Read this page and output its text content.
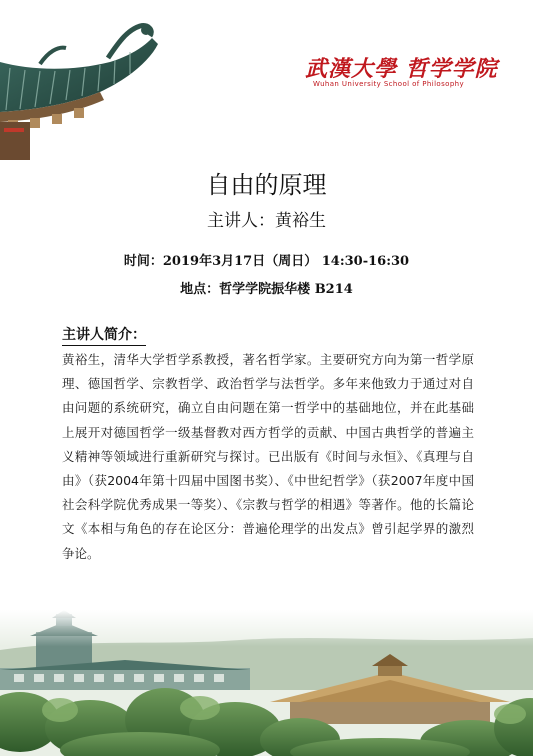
武漢大學 哲学学院
Wuhan University School of Philosophy
自由的原理
主讲人：黄裕生
时间：2019年3月17日（周日） 14:30-16:30
地点：哲学学院振华楼 B214
主讲人简介：
黄裕生，清华大学哲学系教授，著名哲学家。主要研究方向为第一哲学原理、德国哲学、宗教哲学、政治哲学与法哲学。多年来他致力于通过对自由问题的系统研究，确立自由问题在第一哲学中的基础地位，并在此基础上展开对德国哲学一级基督教对西方哲学的贡献、中国古典哲学的普遍主义精神等领域进行重新研究与探讨。已出版有《时间与永恒》、《真理与自由》（获2004年第十四届中国图书奖）、《中世纪哲学》（获2007年度中国社会科学院优秀成果一等奖）、《宗教与哲学的相遇》等著作。他的长篇论文《本相与角色的存在论区分：普遍伦理学的出发点》曾引起学界的激烈争论。
